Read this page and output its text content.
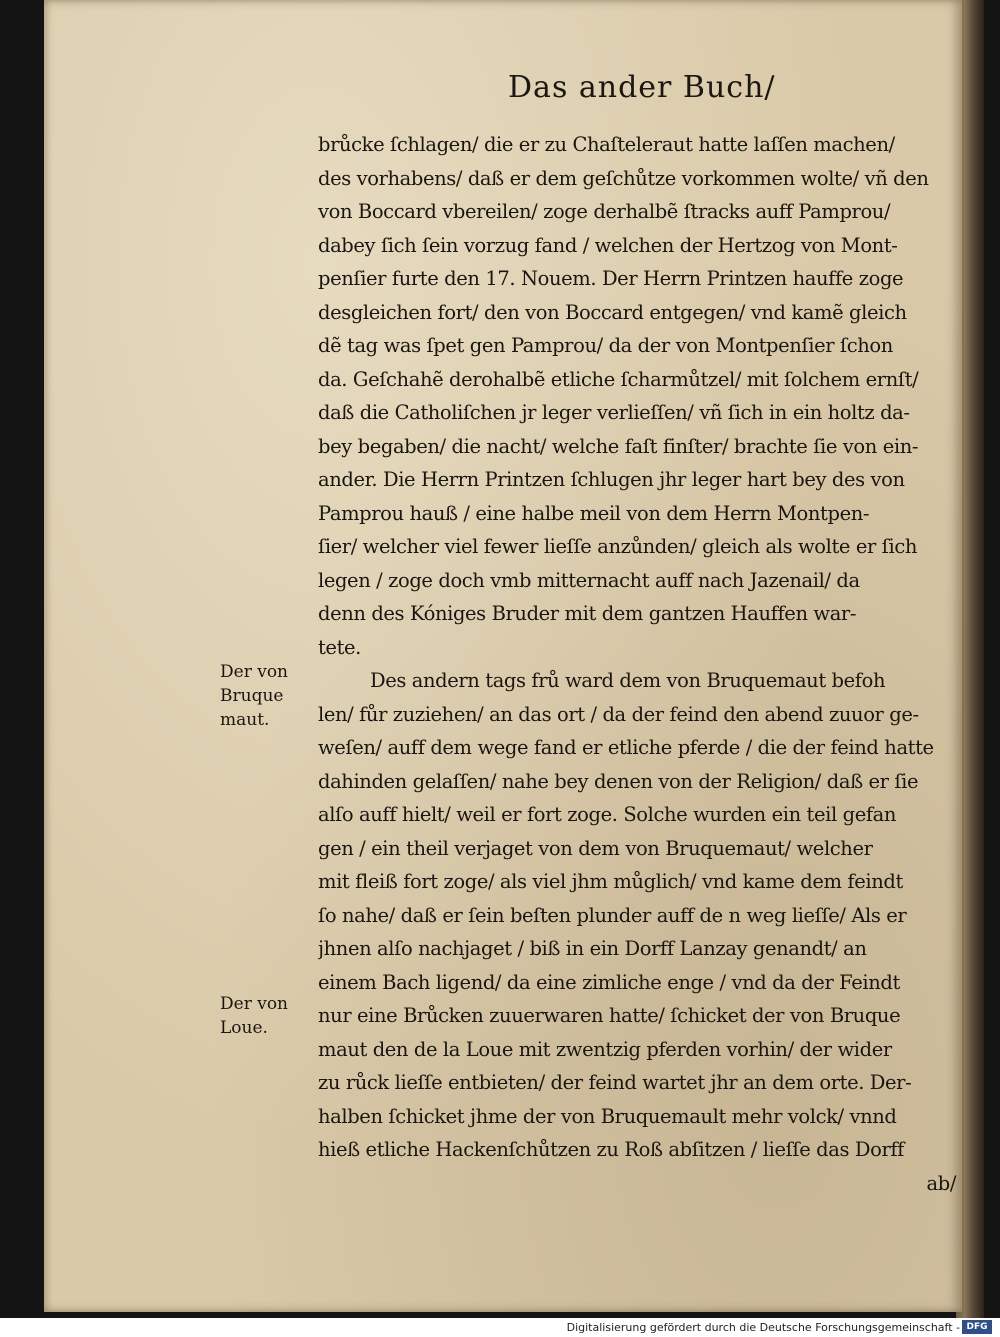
Das ander Buch/
brůcke ſchlagen/ die er zu Chaſteleraut hatte laſſen machen/
des vorhabens/ daß er dem geſchůtze vorkommen wolte/ vñ den
von Boccard vbereilen/ zoge derhalbẽ ſtracks auff Pamprou/
dabey ſich ſein vorzug fand / welchen der Hertzog von Mont-
penſier furte den 17. Nouem. Der Herrn Printzen hauffe zoge
desgleichen fort/ den von Boccard entgegen/ vnd kamẽ gleich
dẽ tag was ſpet gen Pamprou/ da der von Montpenſier ſchon
da. Geſchahẽ derohalbẽ etliche ſcharmůtzel/ mit ſolchem ernſt/
daß die Catholiſchen jr leger verlieſſen/ vñ ſich in ein holtz da-
bey begaben/ die nacht/ welche faſt finſter/ brachte ſie von ein-
ander. Die Herrn Printzen ſchlugen jhr leger hart bey des von
Pamprou hauß / eine halbe meil von dem Herrn Montpen-
ſier/ welcher viel fewer lieſſe anzůnden/ gleich als wolte er ſich
legen / zoge doch vmb mitternacht auff nach Jazenail/ da
denn des Kóniges Bruder mit dem gantzen Hauffen war-
tete.
Des andern tags frů ward dem von Bruquemaut befoh
len/ fůr zuziehen/ an das ort / da der feind den abend zuuor ge-
weſen/ auff dem wege fand er etliche pferde / die der feind hatte
dahinden gelaſſen/ nahe bey denen von der Religion/ daß er ſie
alſo auff hielt/ weil er fort zoge. Solche wurden ein teil gefan
gen / ein theil verjaget von dem von Bruquemaut/ welcher
mit fleiß fort zoge/ als viel jhm můglich/ vnd kame dem feindt
ſo nahe/ daß er ſein beſten plunder auff de n weg lieſſe/ Als er
jhnen alſo nachjaget / biß in ein Dorff Lanzay genandt/ an
einem Bach ligend/ da eine zimliche enge / vnd da der Feindt
nur eine Brůcken zuuerwaren hatte/ ſchicket der von Bruque
maut den de la Loue mit zwentzig pferden vorhin/ der wider
zu růck lieſſe entbieten/ der feind wartet jhr an dem orte. Der-
halben ſchicket jhme der von Bruquemault mehr volck/ vnnd
hieß etliche Hackenſchůtzen zu Roß abſitzen / lieſſe das Dorff
ab/
Der von
Bruque
maut.
Der von
Loue.
Digitalisierung gefördert durch die Deutsche Forschungsgemeinschaft - DFG
